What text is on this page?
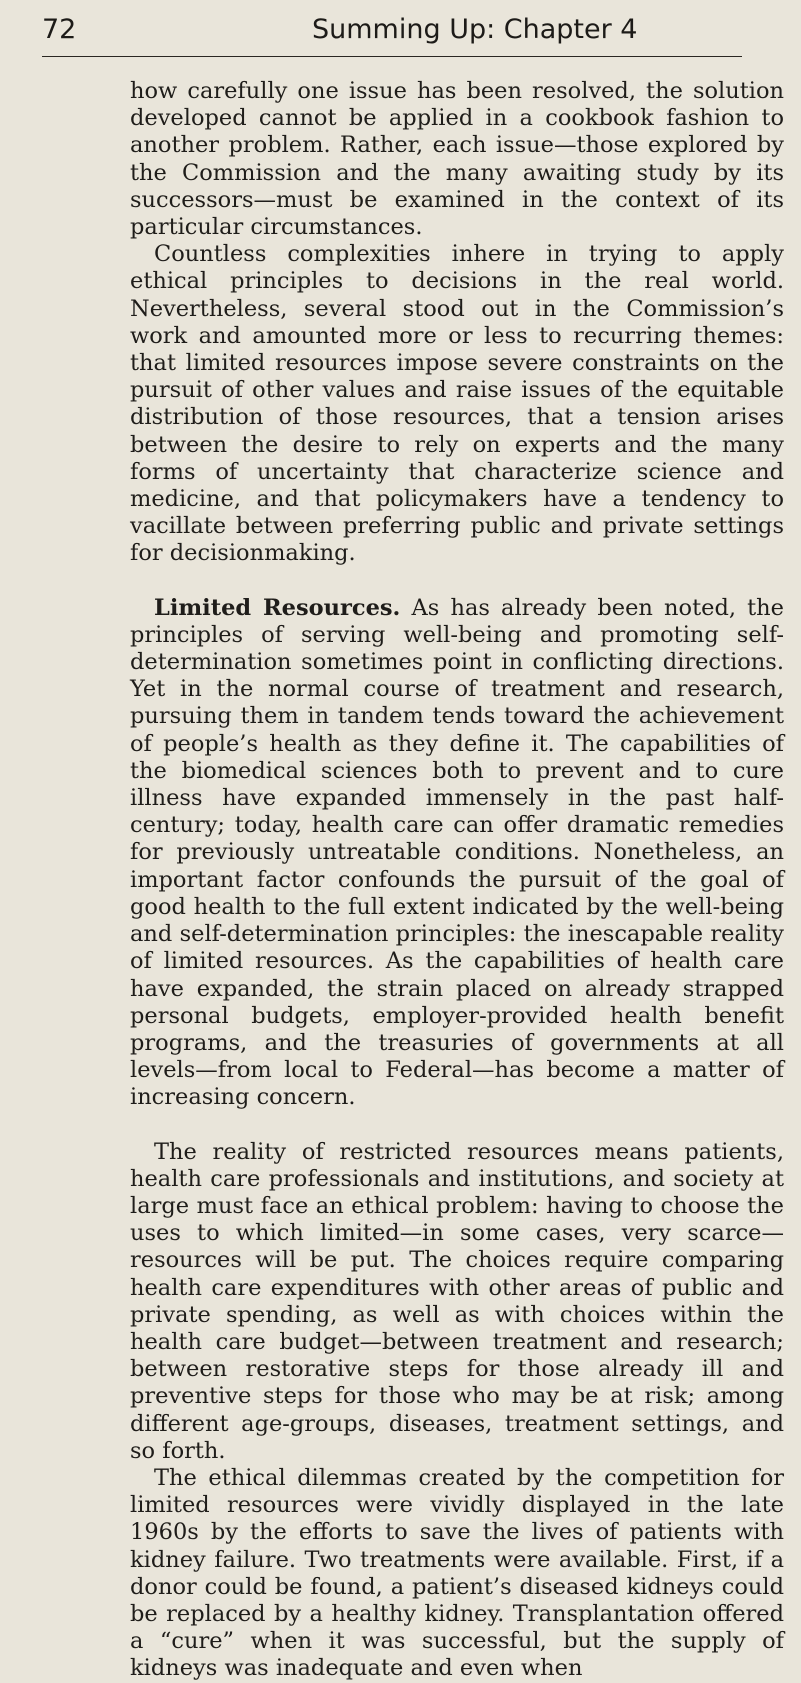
72	Summing Up: Chapter 4

how carefully one issue has been resolved, the solution developed cannot be applied in a cookbook fashion to another problem. Rather, each issue—those explored by the Commission and the many awaiting study by its successors—must be examined in the context of its particular circumstances.

Countless complexities inhere in trying to apply ethical principles to decisions in the real world. Nevertheless, several stood out in the Commission’s work and amounted more or less to recurring themes: that limited resources impose severe constraints on the pursuit of other values and raise issues of the equitable distribution of those resources, that a tension arises between the desire to rely on experts and the many forms of uncertainty that characterize science and medicine, and that policymakers have a tendency to vacillate between preferring public and private settings for decisionmaking.

Limited Resources. As has already been noted, the principles of serving well-being and promoting self-determination sometimes point in conflicting directions. Yet in the normal course of treatment and research, pursuing them in tandem tends toward the achievement of people’s health as they define it. The capabilities of the biomedical sciences both to prevent and to cure illness have expanded immensely in the past half-century; today, health care can offer dramatic remedies for previously untreatable conditions. Nonetheless, an important factor confounds the pursuit of the goal of good health to the full extent indicated by the well-being and self-determination principles: the inescapable reality of limited resources. As the capabilities of health care have expanded, the strain placed on already strapped personal budgets, employer-provided health benefit programs, and the treasuries of governments at all levels—from local to Federal—has become a matter of increasing concern.

The reality of restricted resources means patients, health care professionals and institutions, and society at large must face an ethical problem: having to choose the uses to which limited—in some cases, very scarce—resources will be put. The choices require comparing health care expenditures with other areas of public and private spending, as well as with choices within the health care budget—between treatment and research; between restorative steps for those already ill and preventive steps for those who may be at risk; among different age-groups, diseases, treatment settings, and so forth.

The ethical dilemmas created by the competition for limited resources were vividly displayed in the late 1960s by the efforts to save the lives of patients with kidney failure. Two treatments were available. First, if a donor could be found, a patient’s diseased kidneys could be replaced by a healthy kidney. Transplantation offered a “cure” when it was successful, but the supply of kidneys was inadequate and even when
